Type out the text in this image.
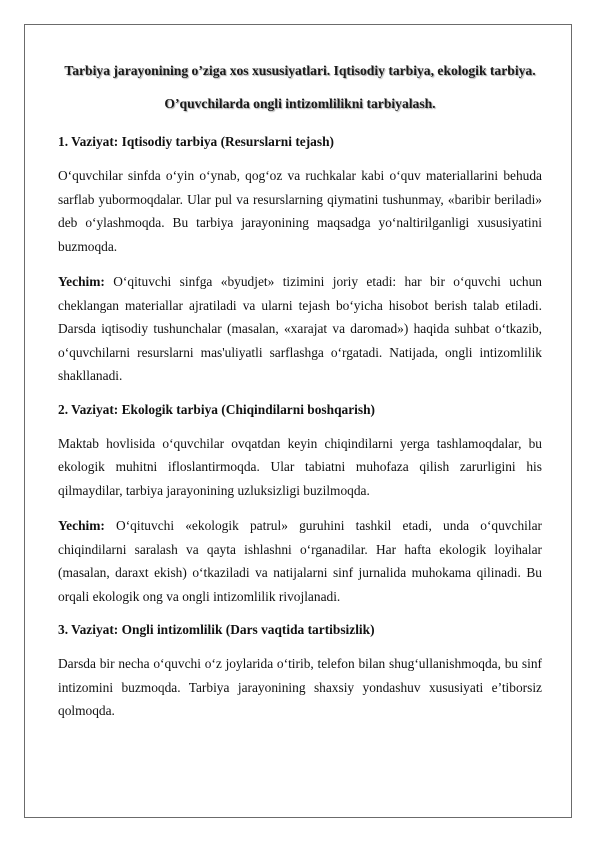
Tarbiya jarayonining o’ziga xos xususiyatlari. Iqtisodiy tarbiya, ekologik tarbiya.
O’quvchilarda ongli intizomlilikni tarbiyalash.
1. Vaziyat: Iqtisodiy tarbiya (Resurslarni tejash)

O‘quvchilar sinfda o‘yin o‘ynab, qog‘oz va ruchkalar kabi o‘quv materiallarini behuda sarflab yubormoqdalar. Ular pul va resurslarning qiymatini tushunmay, «baribir beriladi» deb o‘ylashmoqda. Bu tarbiya jarayonining maqsadga yo‘naltirilganligi xususiyatini buzmoqda.

Yechim: O‘qituvchi sinfga «byudjet» tizimini joriy etadi: har bir o‘quvchi uchun cheklangan materiallar ajratiladi va ularni tejash bo‘yicha hisobot berish talab etiladi. Darsda iqtisodiy tushunchalar (masalan, «xarajat va daromad») haqida suhbat o‘tkazib, o‘quvchilarni resurslarni mas'uliyatli sarflashga o‘rgatadi. Natijada, ongli intizomlilik shakllanadi.

2. Vaziyat: Ekologik tarbiya (Chiqindilarni boshqarish)

Maktab hovlisida o‘quvchilar ovqatdan keyin chiqindilarni yerga tashlamoqdalar, bu ekologik muhitni ifloslantirmoqda. Ular tabiatni muhofaza qilish zarurligini his qilmaydilar, tarbiya jarayonining uzluksizligi buzilmoqda.

Yechim: O‘qituvchi «ekologik patrul» guruhini tashkil etadi, unda o‘quvchilar chiqindilarni saralash va qayta ishlashni o‘rganadilar. Har hafta ekologik loyihalar (masalan, daraxt ekish) o‘tkaziladi va natijalarni sinf jurnalida muhokama qilinadi. Bu orqali ekologik ong va ongli intizomlilik rivojlanadi.

3. Vaziyat: Ongli intizomlilik (Dars vaqtida tartibsizlik)

Darsda bir necha o‘quvchi o‘z joylarida o‘tirib, telefon bilan shug‘ullanishmoqda, bu sinf intizomini buzmoqda. Tarbiya jarayonining shaxsiy yondashuv xususiyati e’tiborsiz qolmoqda.
